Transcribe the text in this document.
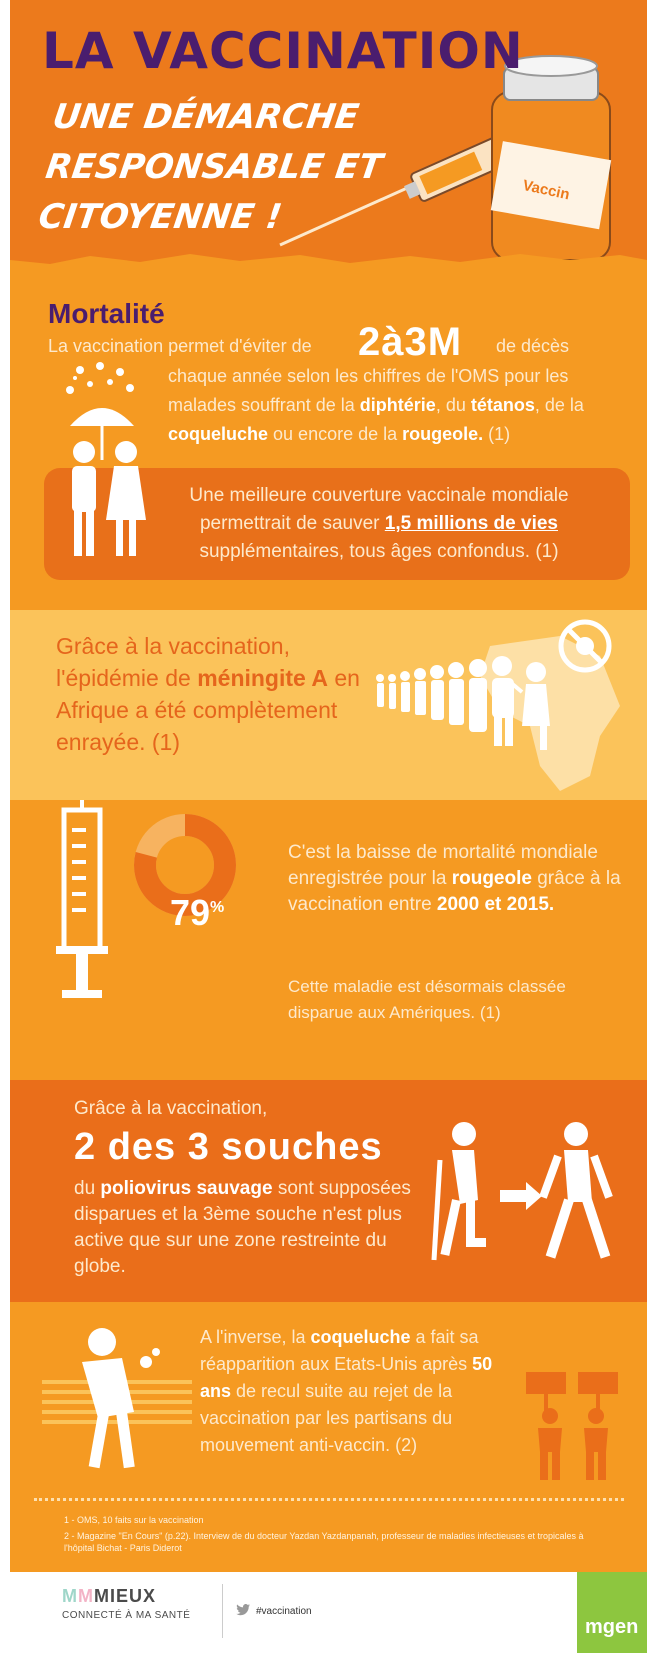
Vaccin
LA VACCINATION
UNE DÉMARCHE RESPONSABLE ET CITOYENNE !
Mortalité
La vaccination permet d'éviter de 2à3M de décès
chaque année selon les chiffres de l'OMS pour les malades souffrant de la diphtérie, du tétanos, de la coqueluche ou encore de la rougeole. (1)
Une meilleure couverture vaccinale mondiale permettrait de sauver 1,5 millions de vies supplémentaires, tous âges confondus. (1)
Grâce à la vaccination, l'épidémie de méningite A en Afrique a été complètement enrayée. (1)
79%
C'est la baisse de mortalité mondiale enregistrée pour la rougeole grâce à la vaccination entre 2000 et 2015.
Cette maladie est désormais classée disparue aux Amériques. (1)
Grâce à la vaccination,
2 des 3 souches
du poliovirus sauvage sont supposées disparues et la 3ème souche n'est plus active que sur une zone restreinte du globe.
A l'inverse, la coqueluche a fait sa réapparition aux Etats-Unis après 50 ans de recul suite au rejet de la vaccination par les partisans du mouvement anti-vaccin. (2)
1 - OMS, 10 faits sur la vaccination
2 - Magazine "En Cours" (p.22). Interview de du docteur Yazdan Yazdanpanah, professeur de maladies infectieuses et tropicales à l'hôpital Bichat - Paris Diderot
MMMIEUX
CONNECTÉ À MA SANTÉ	#vaccination
mgen
